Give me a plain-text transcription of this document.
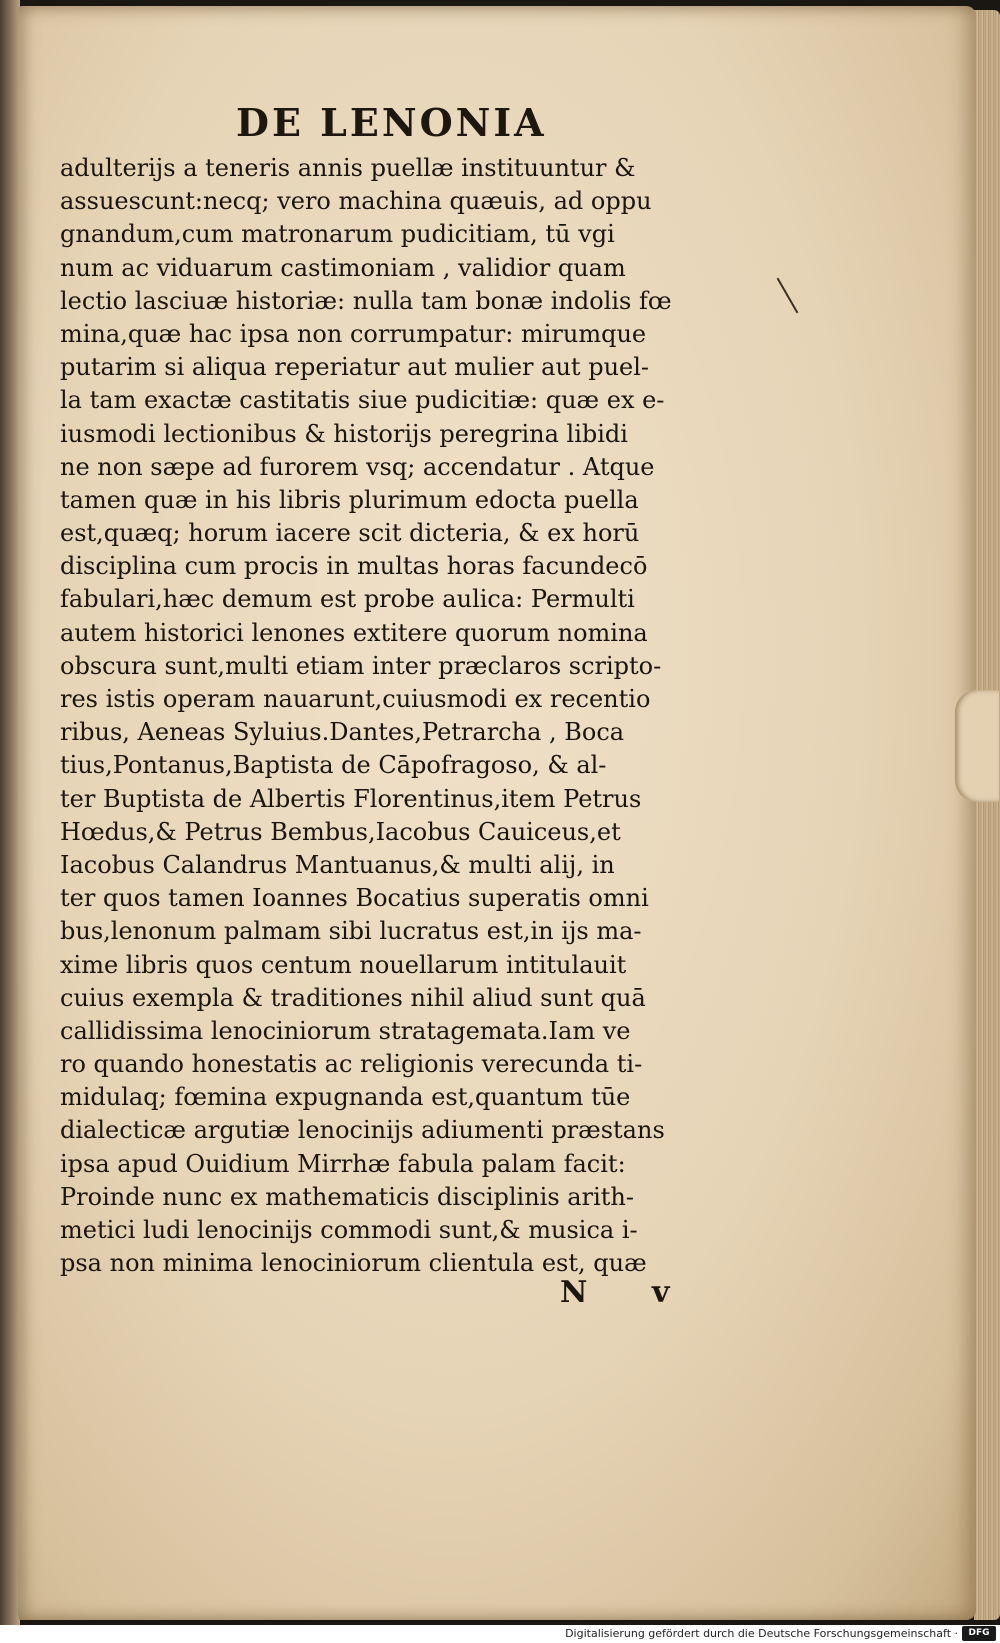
DE LENONIA
adulterijs a teneris annis puellæ instituuntur &
assuescunt:necq; vero machina quæuis, ad oppu
gnandum,cum matronarum pudicitiam, tū vgi
num ac viduarum castimoniam , validior quam
lectio lasciuæ historiæ: nulla tam bonæ indolis fœ
mina,quæ hac ipsa non corrumpatur: mirumque
putarim si aliqua reperiatur aut mulier aut puel-
la tam exactæ castitatis siue pudicitiæ: quæ ex e-
iusmodi lectionibus & historijs peregrina libidi
ne non sæpe ad furorem vsq; accendatur . Atque
tamen quæ in his libris plurimum edocta puella
est,quæq; horum iacere scit dicteria, & ex horū
disciplina cum procis in multas horas facundecō
fabulari,hæc demum est probe aulica: Permulti
autem historici lenones extitere quorum nomina
obscura sunt,multi etiam inter præclaros scripto-
res istis operam nauarunt,cuiusmodi ex recentio
ribus, Aeneas Syluius.Dantes,Petrarcha , Boca
tius,Pontanus,Baptista de Cāpofragoso, & al-
ter Buptista de Albertis Florentinus,item Petrus
Hœdus,& Petrus Bembus,Iacobus Cauiceus,et
Iacobus Calandrus Mantuanus,& multi alij, in
ter quos tamen Ioannes Bocatius superatis omni
bus,lenonum palmam sibi lucratus est,in ijs ma-
xime libris quos centum nouellarum intitulauit
cuius exempla & traditiones nihil aliud sunt quā
callidissima lenociniorum stratagemata.Iam ve
ro quando honestatis ac religionis verecunda ti-
midulaq; fœmina expugnanda est,quantum tūe
dialecticæ argutiæ lenocinijs adiumenti præstans
ipsa apud Ouidium Mirrhæ fabula palam facit:
Proinde nunc ex mathematicis disciplinis arith-
metici ludi lenocinijs commodi sunt,& musica i-
psa non minima lenociniorum clientula est, quæ
N v
Digitalisierung gefördert durch die Deutsche Forschungsgemeinschaft ·	DFG
